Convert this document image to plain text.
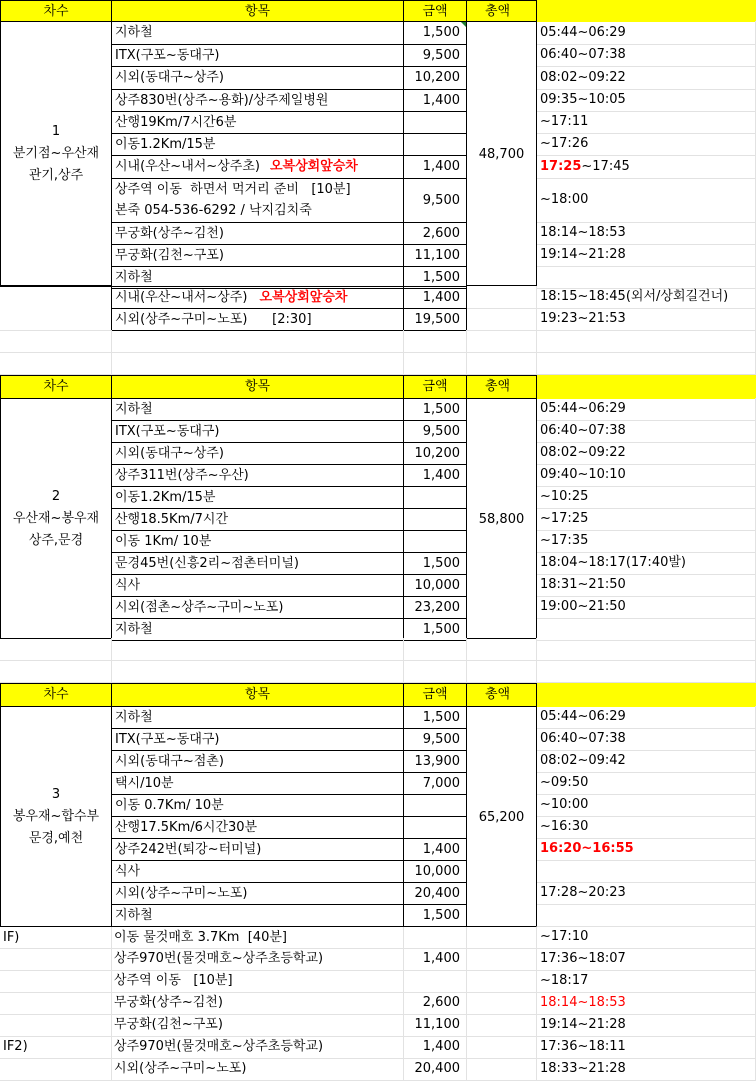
차수	항목	금액	총액
1
분기점~우산재
관기,상주
48,700
지하철	1,500	05:44~06:29
ITX(구포~동대구)	9,500	06:40~07:38
시외(동대구~상주)	10,200	08:02~09:22
상주830번(상주~용화)/상주제일병원	1,400	09:35~10:05
산행19Km/7시간6분	~17:11
이동1.2Km/15분	~17:26
시내(우산~내서~상주초) 오복상회앞승차	1,400	17:25~17:45
상주역 이동  하면서 먹거리 준비   [10분]
본죽 054-536-6292 / 낙지김치죽
9,500	~18:00
무궁화(상주~김천)	2,600	18:14~18:53
무궁화(김천~구포)	11,100	19:14~21:28
지하철	1,500
시내(우산~내서~상주) 오복상회앞승차	1,400	18:15~18:45(외서/상회길건너)
시외(상주~구미~노포)      [2:30]	19,500	19:23~21:53
차수	항목	금액	총액
2
우산재~봉우재
상주,문경
58,800
지하철	1,500	05:44~06:29
ITX(구포~동대구)	9,500	06:40~07:38
시외(동대구~상주)	10,200	08:02~09:22
상주311번(상주~우산)	1,400	09:40~10:10
이동1.2Km/15분	~10:25
산행18.5Km/7시간	~17:25
이동 1Km/ 10분	~17:35
문경45번(신흥2리~점촌터미널)	1,500	18:04~18:17(17:40발)
식사	10,000	18:31~21:50
시외(점촌~상주~구미~노포)	23,200	19:00~21:50
지하철	1,500
차수	항목	금액	총액
3
봉우재~합수부
문경,예천
65,200
지하철	1,500	05:44~06:29
ITX(구포~동대구)	9,500	06:40~07:38
시외(동대구~점촌)	13,900	08:02~09:42
택시/10분	7,000	~09:50
이동 0.7Km/ 10분	~10:00
산행17.5Km/6시간30분	~16:30
상주242번(퇴강~터미널)	1,400	16:20~16:55
식사	10,000
시외(상주~구미~노포)	20,400	17:28~20:23
지하철	1,500
IF)	이동 물것매호 3.7Km  [40분]	~17:10
상주970번(물것매호~상주초등학교)	1,400	17:36~18:07
상주역 이동   [10분]	~18:17
무궁화(상주~김천)	2,600	18:14~18:53
무궁화(김천~구포)	11,100	19:14~21:28
IF2)	상주970번(물것매호~상주초등학교)	1,400	17:36~18:11
시외(상주~구미~노포)	20,400	18:33~21:28
